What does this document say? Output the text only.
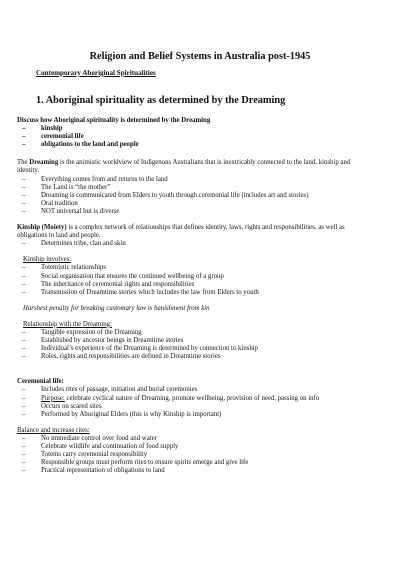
Religion and Belief Systems in Australia post-1945
Contemporary Aboriginal Spiritualities
1. Aboriginal spirituality as determined by the Dreaming

Discuss how Aboriginal spirituality is determined by the Dreaming

– kinship
– ceremonial life
– obligations to the land and people

The Dreaming is the animistic worldview of Indigenous Australians that is inextricably connected to the land, kinship and identity.

– Everything comes from and returns to the land
– The Land is “the mother”
– Dreaming is communicated from Elders to youth through ceremonial life (includes art and stories)
– Oral tradition
– NOT universal but is diverse

Kinship (Moiety) is a complex network of relationships that defines identity, laws, rights and responsibilities, as well as obligations to land and people.

– Determines tribe, clan and skin

Kinship involves:

– Totemistic relationships
– Social organisation that ensures the continued wellbeing of a group
– The inheritance of ceremonial rights and responsibilities
– Transmission of Dreamtime stories which includes the law from Elders to youth

Harshest penalty for breaking customary law is banishment from kin

Relationship with the Dreaming:

– Tangible expression of the Dreaming
– Established by ancestor beings in Dreamtime stories
– Individual’s experience of the Dreaming is determined by connection to kinship
– Roles, rights and responsibilities are defined in Dreamtime stories

Ceremonial life:

– Includes rites of passage, initiation and burial ceremonies
– Purpose: celebrate cyclical nature of Dreaming, promote wellbeing, provision of need, passing on info
– Occurs on scared sites
– Performed by Aboriginal Elders (this is why Kinship is important)

Balance and increase rites:

– No immediate control over food and water
– Celebrate wildlife and continuation of food supply
– Totems carry ceremonial responsibility
– Responsible groups must perform rites to ensure spirits emerge and give life
– Practical representation of obligations to land
